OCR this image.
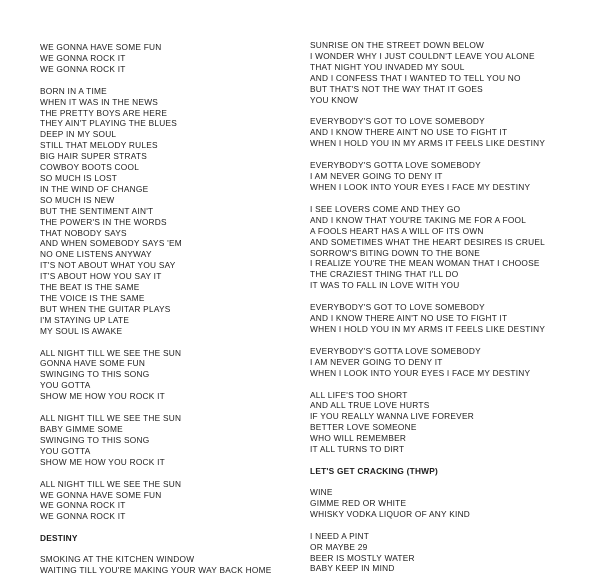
WE GONNA HAVE SOME FUN
WE GONNA ROCK IT
WE GONNA ROCK IT
BORN IN A TIME
WHEN IT WAS IN THE NEWS
THE PRETTY BOYS ARE HERE
THEY AIN'T PLAYING THE BLUES
DEEP IN MY SOUL
STILL THAT MELODY RULES
BIG HAIR SUPER STRATS
COWBOY BOOTS COOL
SO MUCH IS LOST
IN THE WIND OF CHANGE
SO MUCH IS NEW
BUT THE SENTIMENT AIN'T
THE POWER'S IN THE WORDS
THAT NOBODY SAYS
AND WHEN SOMEBODY SAYS 'EM
NO ONE LISTENS ANYWAY
IT'S NOT ABOUT WHAT YOU SAY
IT'S ABOUT HOW YOU SAY IT
THE BEAT IS THE SAME
THE VOICE IS THE SAME
BUT WHEN THE GUITAR PLAYS
I'M STAYING UP LATE
MY SOUL IS AWAKE
ALL NIGHT TILL WE SEE THE SUN
GONNA HAVE SOME FUN
SWINGING TO THIS SONG
YOU GOTTA
SHOW ME HOW YOU ROCK IT
ALL NIGHT TILL WE SEE THE SUN
BABY GIMME SOME
SWINGING TO THIS SONG
YOU GOTTA
SHOW ME HOW YOU ROCK IT
ALL NIGHT TILL WE SEE THE SUN
WE GONNA HAVE SOME FUN
WE GONNA ROCK IT
WE GONNA ROCK IT
DESTINY
SMOKING AT THE KITCHEN WINDOW
WAITING TILL YOU'RE MAKING YOUR WAY BACK HOME
SUNRISE ON THE STREET DOWN BELOW
I WONDER WHY I JUST COULDN'T LEAVE YOU ALONE
THAT NIGHT YOU INVADED MY SOUL
AND I CONFESS THAT I WANTED TO TELL YOU NO
BUT THAT'S NOT THE WAY THAT IT GOES
YOU KNOW
EVERYBODY'S GOT TO LOVE SOMEBODY
AND I KNOW THERE AIN'T NO USE TO FIGHT IT
WHEN I HOLD YOU IN MY ARMS IT FEELS LIKE DESTINY
EVERYBODY'S GOTTA LOVE SOMEBODY
I AM NEVER GOING TO DENY IT
WHEN I LOOK INTO YOUR EYES I FACE MY DESTINY
I SEE LOVERS COME AND THEY GO
AND I KNOW THAT YOU'RE TAKING ME FOR A FOOL
A FOOLS HEART HAS A WILL OF ITS OWN
AND SOMETIMES WHAT THE HEART DESIRES IS CRUEL
SORROW'S BITING DOWN TO THE BONE
I REALIZE YOU'RE THE MEAN WOMAN THAT I CHOOSE
THE CRAZIEST THING THAT I'LL DO
IT WAS TO FALL IN LOVE WITH YOU
EVERYBODY'S GOT TO LOVE SOMEBODY
AND I KNOW THERE AIN'T NO USE TO FIGHT IT
WHEN I HOLD YOU IN MY ARMS IT FEELS LIKE DESTINY
EVERYBODY'S GOTTA LOVE SOMEBODY
I AM NEVER GOING TO DENY IT
WHEN I LOOK INTO YOUR EYES I FACE MY DESTINY
ALL LIFE'S TOO SHORT
AND ALL TRUE LOVE HURTS
IF YOU REALLY WANNA LIVE FOREVER
BETTER LOVE SOMEONE
WHO WILL REMEMBER
IT ALL TURNS TO DIRT
LET'S GET CRACKING (THWP)
WINE
GIMME RED OR WHITE
WHISKY VODKA LIQUOR OF ANY KIND
I NEED A PINT
OR MAYBE 29
BEER IS MOSTLY WATER
BABY KEEP IN MIND
